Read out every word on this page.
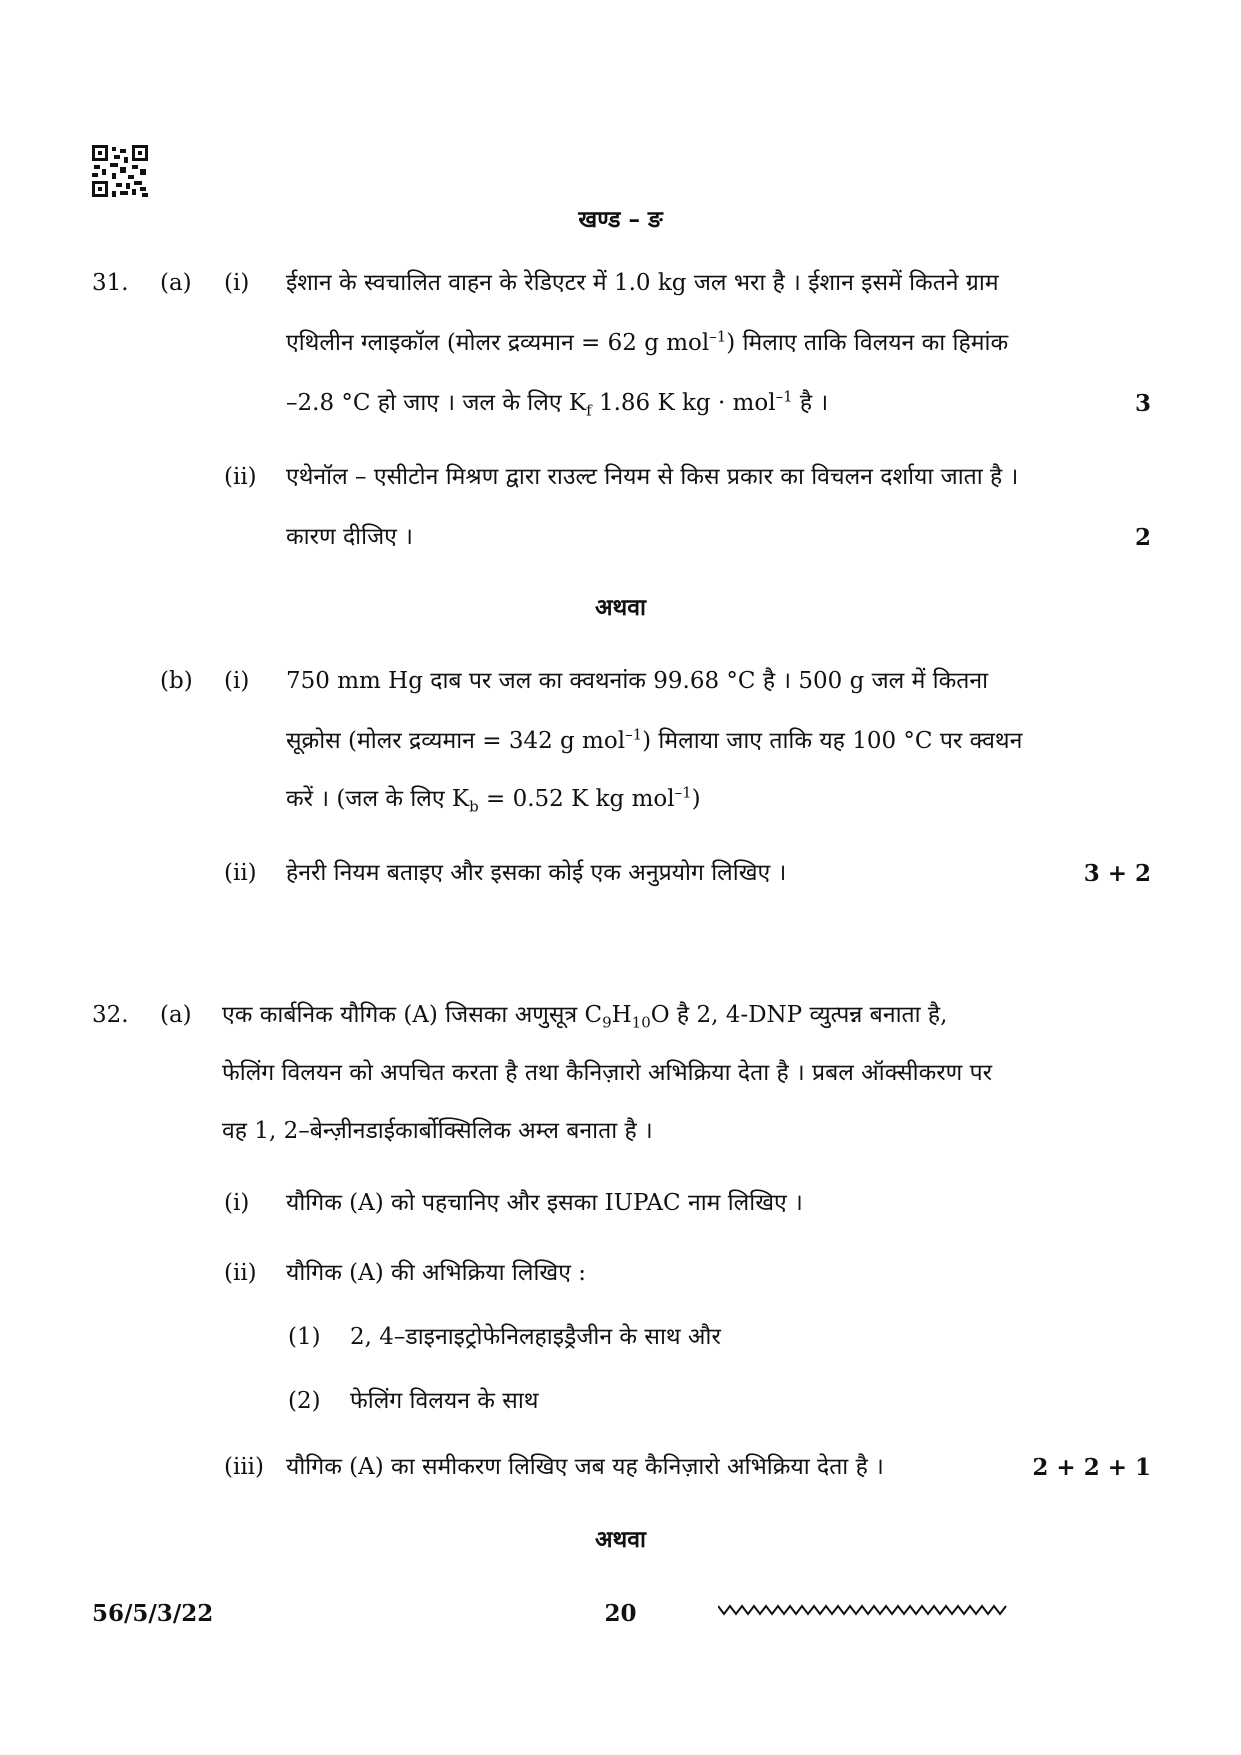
खण्ड – ङ
31. (a) (i) ईशान के स्वचालित वाहन के रेडिएटर में 1.0 kg जल भरा है । ईशान इसमें कितने ग्राम
एथिलीन ग्लाइकॉल (मोलर द्रव्यमान = 62 g mol$^{-1}$) मिलाए ताकि विलयन का हिमांक
–2.8 °C हो जाए । जल के लिए $K_f$ 1.86 K kg · mol$^{-1}$ है ।	3
(ii) एथेनॉल – एसीटोन मिश्रण द्वारा राउल्ट नियम से किस प्रकार का विचलन दर्शाया जाता है ।
कारण दीजिए ।	2
अथवा
(b) (i) 750 mm Hg दाब पर जल का क्वथनांक 99.68 °C है । 500 g जल में कितना
सूक्रोस (मोलर द्रव्यमान = 342 g mol$^{-1}$) मिलाया जाए ताकि यह 100 °C पर क्वथन
करें । (जल के लिए $K_b = 0.52$ K kg mol$^{-1}$)
(ii) हेनरी नियम बताइए और इसका कोई एक अनुप्रयोग लिखिए ।	3 + 2
32. (a) एक कार्बनिक यौगिक (A) जिसका अणुसूत्र $C_9H_{10}O$ है 2, 4-DNP व्युत्पन्न बनाता है,
फेलिंग विलयन को अपचित करता है तथा कैनिज़ारो अभिक्रिया देता है । प्रबल ऑक्सीकरण पर
वह 1, 2–बेन्ज़ीनडाईकार्बोक्सिलिक अम्ल बनाता है ।
(i) यौगिक (A) को पहचानिए और इसका IUPAC नाम लिखिए ।
(ii) यौगिक (A) की अभिक्रिया लिखिए :
(1) 2, 4–डाइनाइट्रोफेनिलहाइड्रैजीन के साथ और
(2) फेलिंग विलयन के साथ
(iii) यौगिक (A) का समीकरण लिखिए जब यह कैनिज़ारो अभिक्रिया देता है ।	2 + 2 + 1
अथवा
56/5/3/22	20
